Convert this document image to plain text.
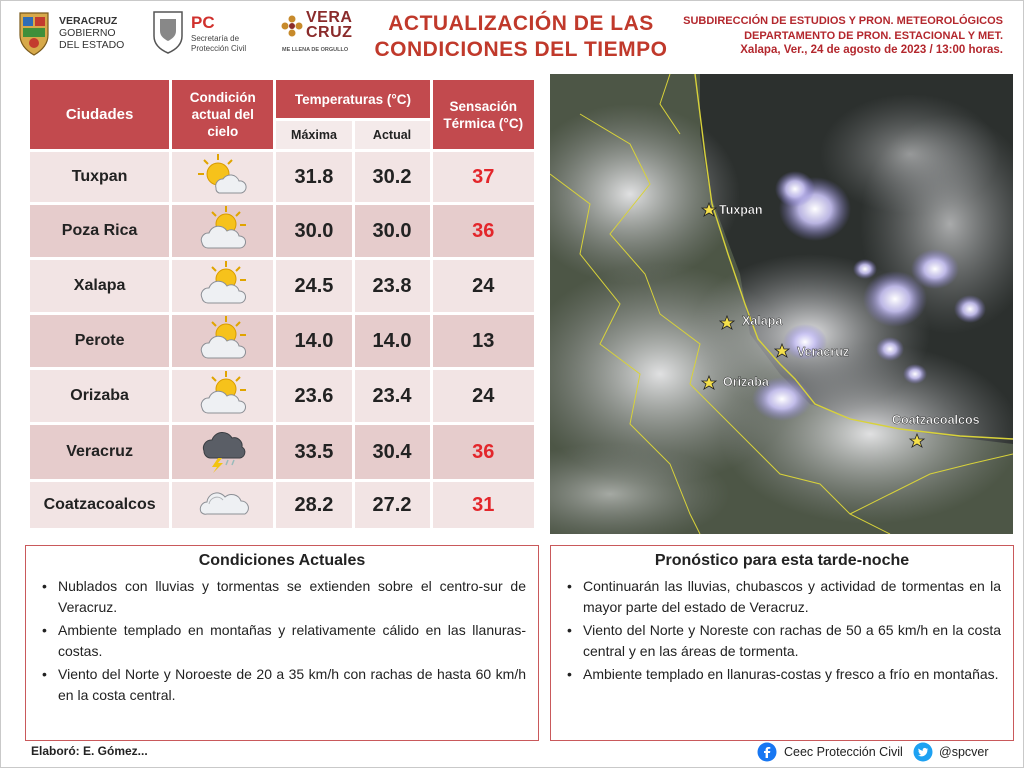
VERACRUZ
GOBIERNO
DEL ESTADO
PC
Secretaría de
Protección Civil
VERA
CRUZ
ME LLENA DE ORGULLO
ACTUALIZACIÓN DE LAS
CONDICIONES DEL TIEMPO
SUBDIRECCIÓN DE ESTUDIOS Y PRON. METEOROLÓGICOS
DEPARTAMENTO DE PRON. ESTACIONAL Y MET.
Xalapa, Ver., 24 de agosto de 2023 / 13:00 horas.
Ciudades	Condición actual del cielo	Temperaturas (°C)		Sensación Térmica (°C)
		Máxima	Actual	
Tuxpan		31.8	30.2	37
Poza Rica		30.0	30.0	36
Xalapa		24.5	23.8	24
Perote		14.0	14.0	13
Orizaba		23.6	23.4	24
Veracruz		33.5	30.4	36
Coatzacoalcos		28.2	27.2	31
Tuxpan
Xalapa
Veracruz
Orizaba
Coatzacoalcos
Condiciones Actuales
• Nublados con lluvias y tormentas se extienden sobre el centro-sur de Veracruz.
• Ambiente templado en montañas y relativamente cálido en las llanuras-costas.
• Viento del Norte y Noroeste de 20 a 35 km/h con rachas de hasta 60 km/h en la costa central.
Pronóstico para esta tarde-noche
• Continuarán las lluvias, chubascos y actividad de tormentas en la mayor parte del estado de Veracruz.
• Viento del Norte y Noreste con rachas de 50 a 65 km/h en la costa central y en las áreas de tormenta.
• Ambiente templado en llanuras-costas y fresco a frío en montañas.
Elaboró: E. Gómez...	Ceec Protección Civil	@spcver
